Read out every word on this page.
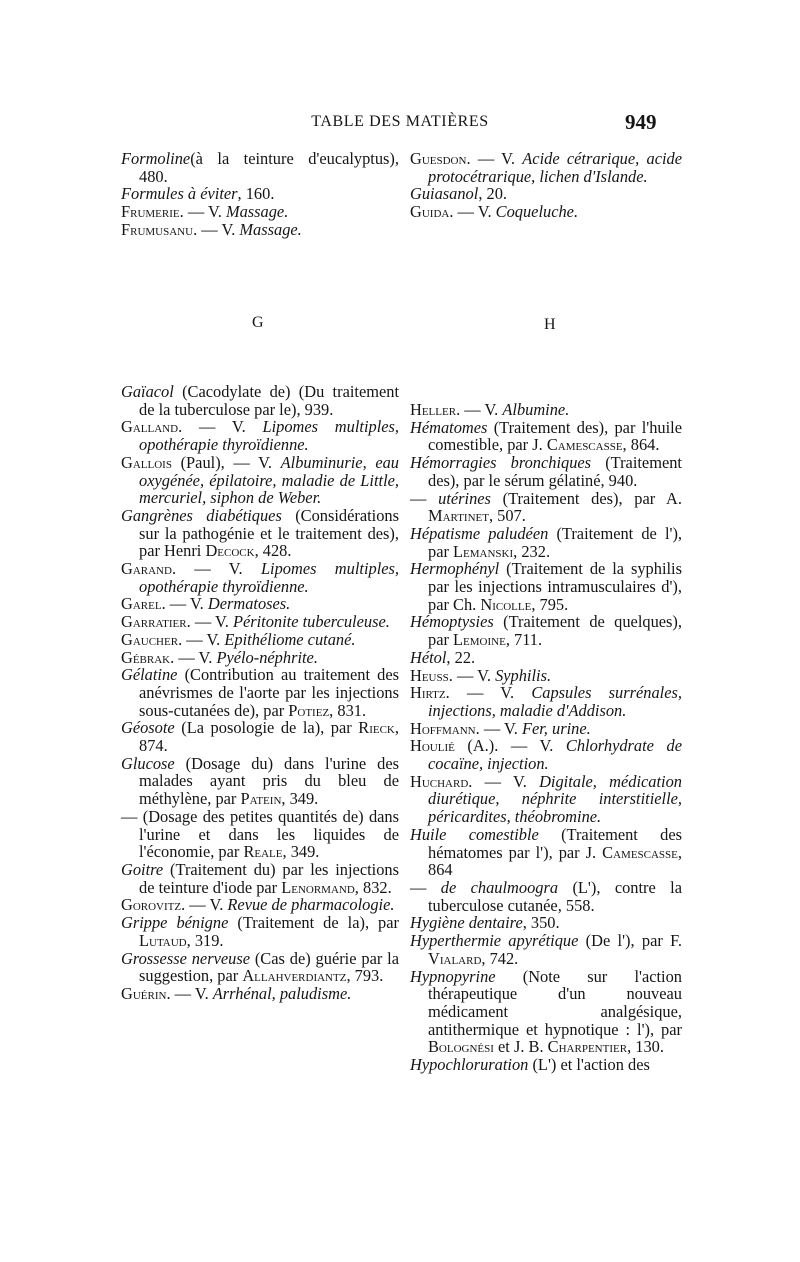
TABLE DES MATIÈRES	949

Formoline(à la teinture d'eucalyptus), 480.

Formules à éviter, 160.

Frumerie. — V. Massage.

Frumusanu. — V. Massage.

Guesdon. — V. Acide cétrarique, acide protocétrarique, lichen d'Islande.

Guiasanol, 20.

Guida. — V. Coqueluche.

G	H

Gaïacol (Cacodylate de) (Du traitement de la tuberculose par le), 939.

Galland. — V. Lipomes multiples, opothérapie thyroïdienne.

Gallois (Paul), — V. Albuminurie, eau oxygénée, épilatoire, maladie de Little, mercuriel, siphon de Weber.

Gangrènes diabétiques (Considérations sur la pathogénie et le traitement des), par Henri Decock, 428.

Garand. — V. Lipomes multiples, opothérapie thyroïdienne.

Garel. — V. Dermatoses.

Garratier. — V. Péritonite tuberculeuse.

Gaucher. — V. Epithéliome cutané.

Gébrak. — V. Pyélo-néphrite.

Gélatine (Contribution au traitement des anévrismes de l'aorte par les injections sous-cutanées de), par Potiez, 831.

Géosote (La posologie de la), par Rieck, 874.

Glucose (Dosage du) dans l'urine des malades ayant pris du bleu de méthylène, par Patein, 349.

— (Dosage des petites quantités de) dans l'urine et dans les liquides de l'économie, par Reale, 349.

Goitre (Traitement du) par les injections de teinture d'iode par Lenormand, 832.

Gorovitz. — V. Revue de pharmacologie.

Grippe bénigne (Traitement de la), par Lutaud, 319.

Grossesse nerveuse (Cas de) guérie par la suggestion, par Allahverdiantz, 793.

Guérin. — V. Arrhénal, paludisme.

Heller. — V. Albumine.

Hématomes (Traitement des), par l'huile comestible, par J. Camescasse, 864.

Hémorragies bronchiques (Traitement des), par le sérum gélatiné, 940.

— utérines (Traitement des), par A. Martinet, 507.

Hépatisme paludéen (Traitement de l'), par Lemanski, 232.

Hermophényl (Traitement de la syphilis par les injections intramusculaires d'), par Ch. Nicolle, 795.

Hémoptysies (Traitement de quelques), par Lemoine, 711.

Hétol, 22.

Heuss. — V. Syphilis.

Hirtz. — V. Capsules surrénales, injections, maladie d'Addison.

Hoffmann. — V. Fer, urine.

Houlié (A.). — V. Chlorhydrate de cocaïne, injection.

Huchard. — V. Digitale, médication diurétique, néphrite interstitielle, péricardites, théobromine.

Huile comestible (Traitement des hématomes par l'), par J. Camescasse, 864

— de chaulmoogra (L'), contre la tuberculose cutanée, 558.

Hygiène dentaire, 350.

Hyperthermie apyrétique (De l'), par F. Vialard, 742.

Hypnopyrine (Note sur l'action thérapeutique d'un nouveau médicament analgésique, antithermique et hypnotique : l'), par Bolognési et J. B. Charpentier, 130.

Hypochloruration (L') et l'action des
